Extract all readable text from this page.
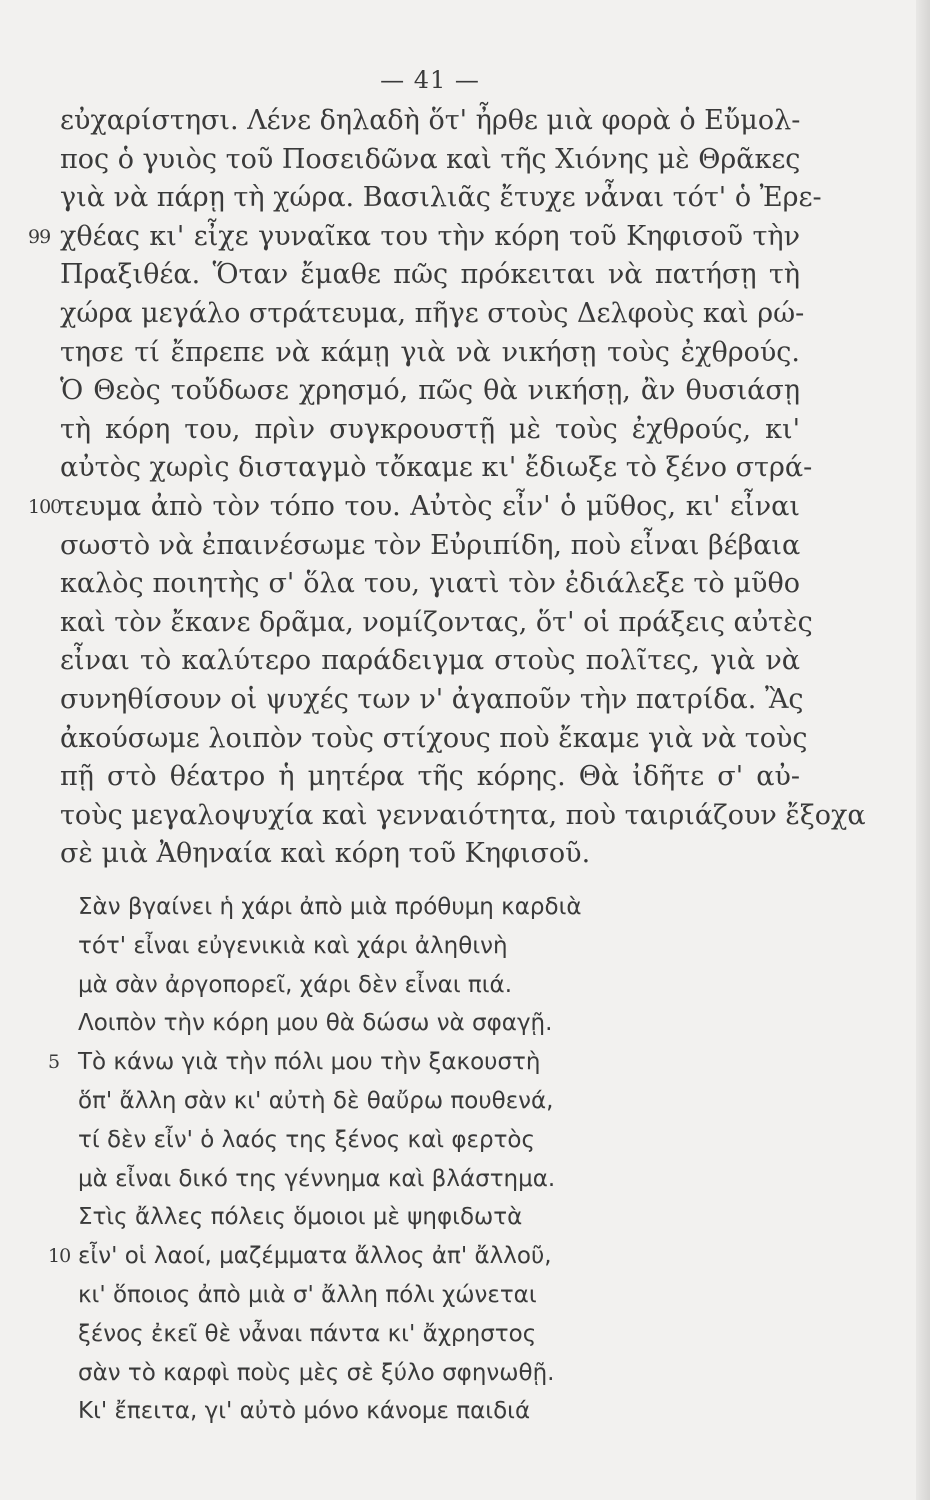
— 41 —
εὐχαρίστησι. Λένε δηλαδὴ ὅτ' ἦρθε μιὰ φορὰ ὁ Εὔμολ-
πος ὁ γυιὸς τοῦ Ποσειδῶνα καὶ τῆς Χιόνης μὲ Θρᾶκες
γιὰ νὰ πάρῃ τὴ χώρα. Βασιλιᾶς ἔτυχε νἆναι τότ' ὁ Ἐρε-
99 χθέας κι' εἶχε γυναῖκα του τὴν κόρη τοῦ Κηφισοῦ τὴν
Πραξιθέα. Ὅταν ἔμαθε πῶς πρόκειται νὰ πατήσῃ τὴ
χώρα μεγάλο στράτευμα, πῆγε στοὺς Δελφοὺς καὶ ρώ-
τησε τί ἔπρεπε νὰ κάμῃ γιὰ νὰ νικήσῃ τοὺς ἐχθρούς.
Ὁ Θεὸς τοὔδωσε χρησμό, πῶς θὰ νικήσῃ, ἂν θυσιάσῃ
τὴ κόρη του, πρὶν συγκρουστῇ μὲ τοὺς ἐχθρούς, κι'
αὐτὸς χωρὶς δισταγμὸ τὄκαμε κι' ἔδιωξε τὸ ξένο στρά-
100
τευμα ἀπὸ τὸν τόπο του. Αὐτὸς εἶν' ὁ μῦθος, κι' εἶναι
σωστὸ νὰ ἐπαινέσωμε τὸν Εὐριπίδη, ποὺ εἶναι βέβαια
καλὸς ποιητὴς σ' ὅλα του, γιατὶ τὸν ἐδιάλεξε τὸ μῦθο
καὶ τὸν ἔκανε δρᾶμα, νομίζοντας, ὅτ' οἱ πράξεις αὐτὲς
εἶναι τὸ καλύτερο παράδειγμα στοὺς πολῖτες, γιὰ νὰ
συνηθίσουν οἱ ψυχές των ν' ἀγαποῦν τὴν πατρίδα. Ἂς
ἀκούσωμε λοιπὸν τοὺς στίχους ποὺ ἔκαμε γιὰ νὰ τοὺς
πῇ στὸ θέατρο ἡ μητέρα τῆς κόρης. Θὰ ἰδῆτε σ' αὐ-
τοὺς μεγαλοψυχία καὶ γενναιότητα, ποὺ ταιριάζουν ἔξοχα
σὲ μιὰ Ἀθηναία καὶ κόρη τοῦ Κηφισοῦ.
Σὰν βγαίνει ἡ χάρι ἀπὸ μιὰ πρόθυμη καρδιὰ
τότ' εἶναι εὐγενικιὰ καὶ χάρι ἀληθινὴ
μὰ σὰν ἀργοπορεῖ, χάρι δὲν εἶναι πιά.
Λοιπὸν τὴν κόρη μου θὰ δώσω νὰ σφαγῇ.
5 Τὸ κάνω γιὰ τὴν πόλι μου τὴν ξακουστὴ
ὅπ' ἄλλη σὰν κι' αὐτὴ δὲ θαὔρω πουθενά,
τί δὲν εἶν' ὁ λαός της ξένος καὶ φερτὸς
μὰ εἶναι δικό της γέννημα καὶ βλάστημα.
Στὶς ἄλλες πόλεις ὅμοιοι μὲ ψηφιδωτὰ
10 εἶν' οἱ λαοί, μαζέμματα ἄλλος ἀπ' ἄλλοῦ,
κι' ὅποιος ἀπὸ μιὰ σ' ἄλλη πόλι χώνεται
ξένος ἐκεῖ θὲ νἆναι πάντα κι' ἄχρηστος
σὰν τὸ καρφὶ ποὺς μὲς σὲ ξύλο σφηνωθῇ.
Κι' ἔπειτα, γι' αὐτὸ μόνο κάνομε παιδιά
